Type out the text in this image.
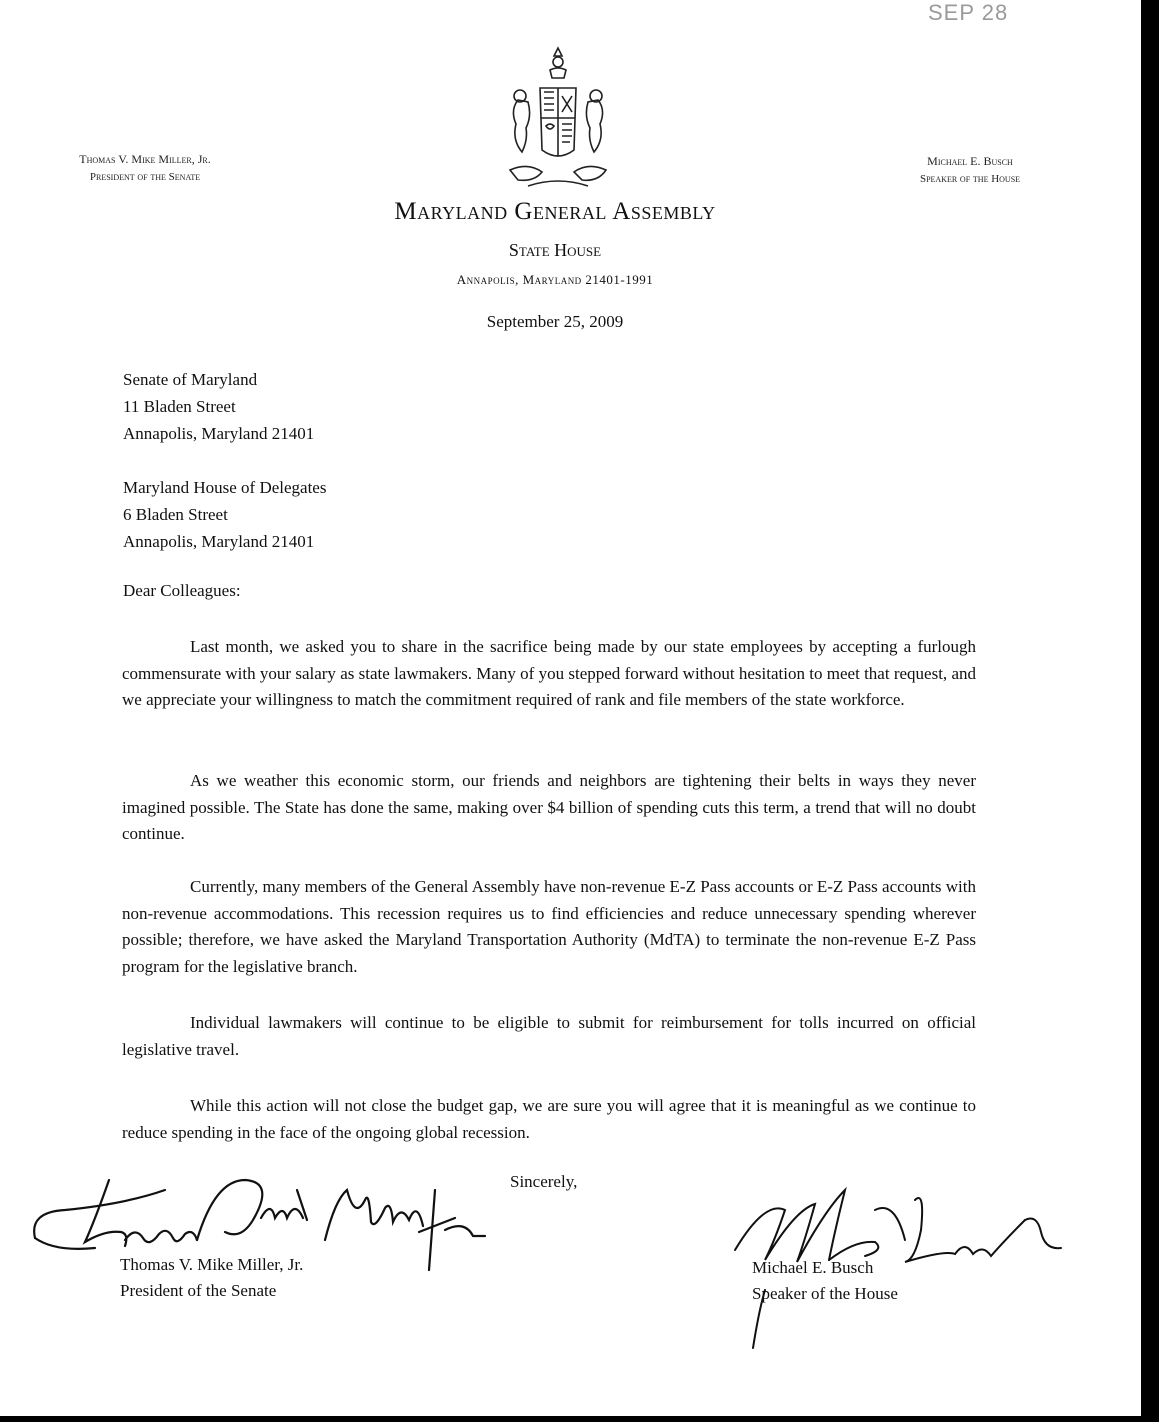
SEP 28
Thomas V. Mike Miller, Jr.
President of the Senate
Michael E. Busch
Speaker of the House
Maryland General Assembly
State House
Annapolis, Maryland 21401-1991
September 25, 2009
Senate of Maryland
11 Bladen Street
Annapolis, Maryland 21401
Maryland House of Delegates
6 Bladen Street
Annapolis, Maryland 21401
Dear Colleagues:

Last month, we asked you to share in the sacrifice being made by our state employees by accepting a furlough commensurate with your salary as state lawmakers. Many of you stepped forward without hesitation to meet that request, and we appreciate your willingness to match the commitment required of rank and file members of the state workforce.

As we weather this economic storm, our friends and neighbors are tightening their belts in ways they never imagined possible. The State has done the same, making over $4 billion of spending cuts this term, a trend that will no doubt continue.

Currently, many members of the General Assembly have non-revenue E-Z Pass accounts or E-Z Pass accounts with non-revenue accommodations. This recession requires us to find efficiencies and reduce unnecessary spending wherever possible; therefore, we have asked the Maryland Transportation Authority (MdTA) to terminate the non-revenue E-Z Pass program for the legislative branch.

Individual lawmakers will continue to be eligible to submit for reimbursement for tolls incurred on official legislative travel.

While this action will not close the budget gap, we are sure you will agree that it is meaningful as we continue to reduce spending in the face of the ongoing global recession.

Sincerely,
Thomas V. Mike Miller, Jr.
President of the Senate
Michael E. Busch
Speaker of the House
